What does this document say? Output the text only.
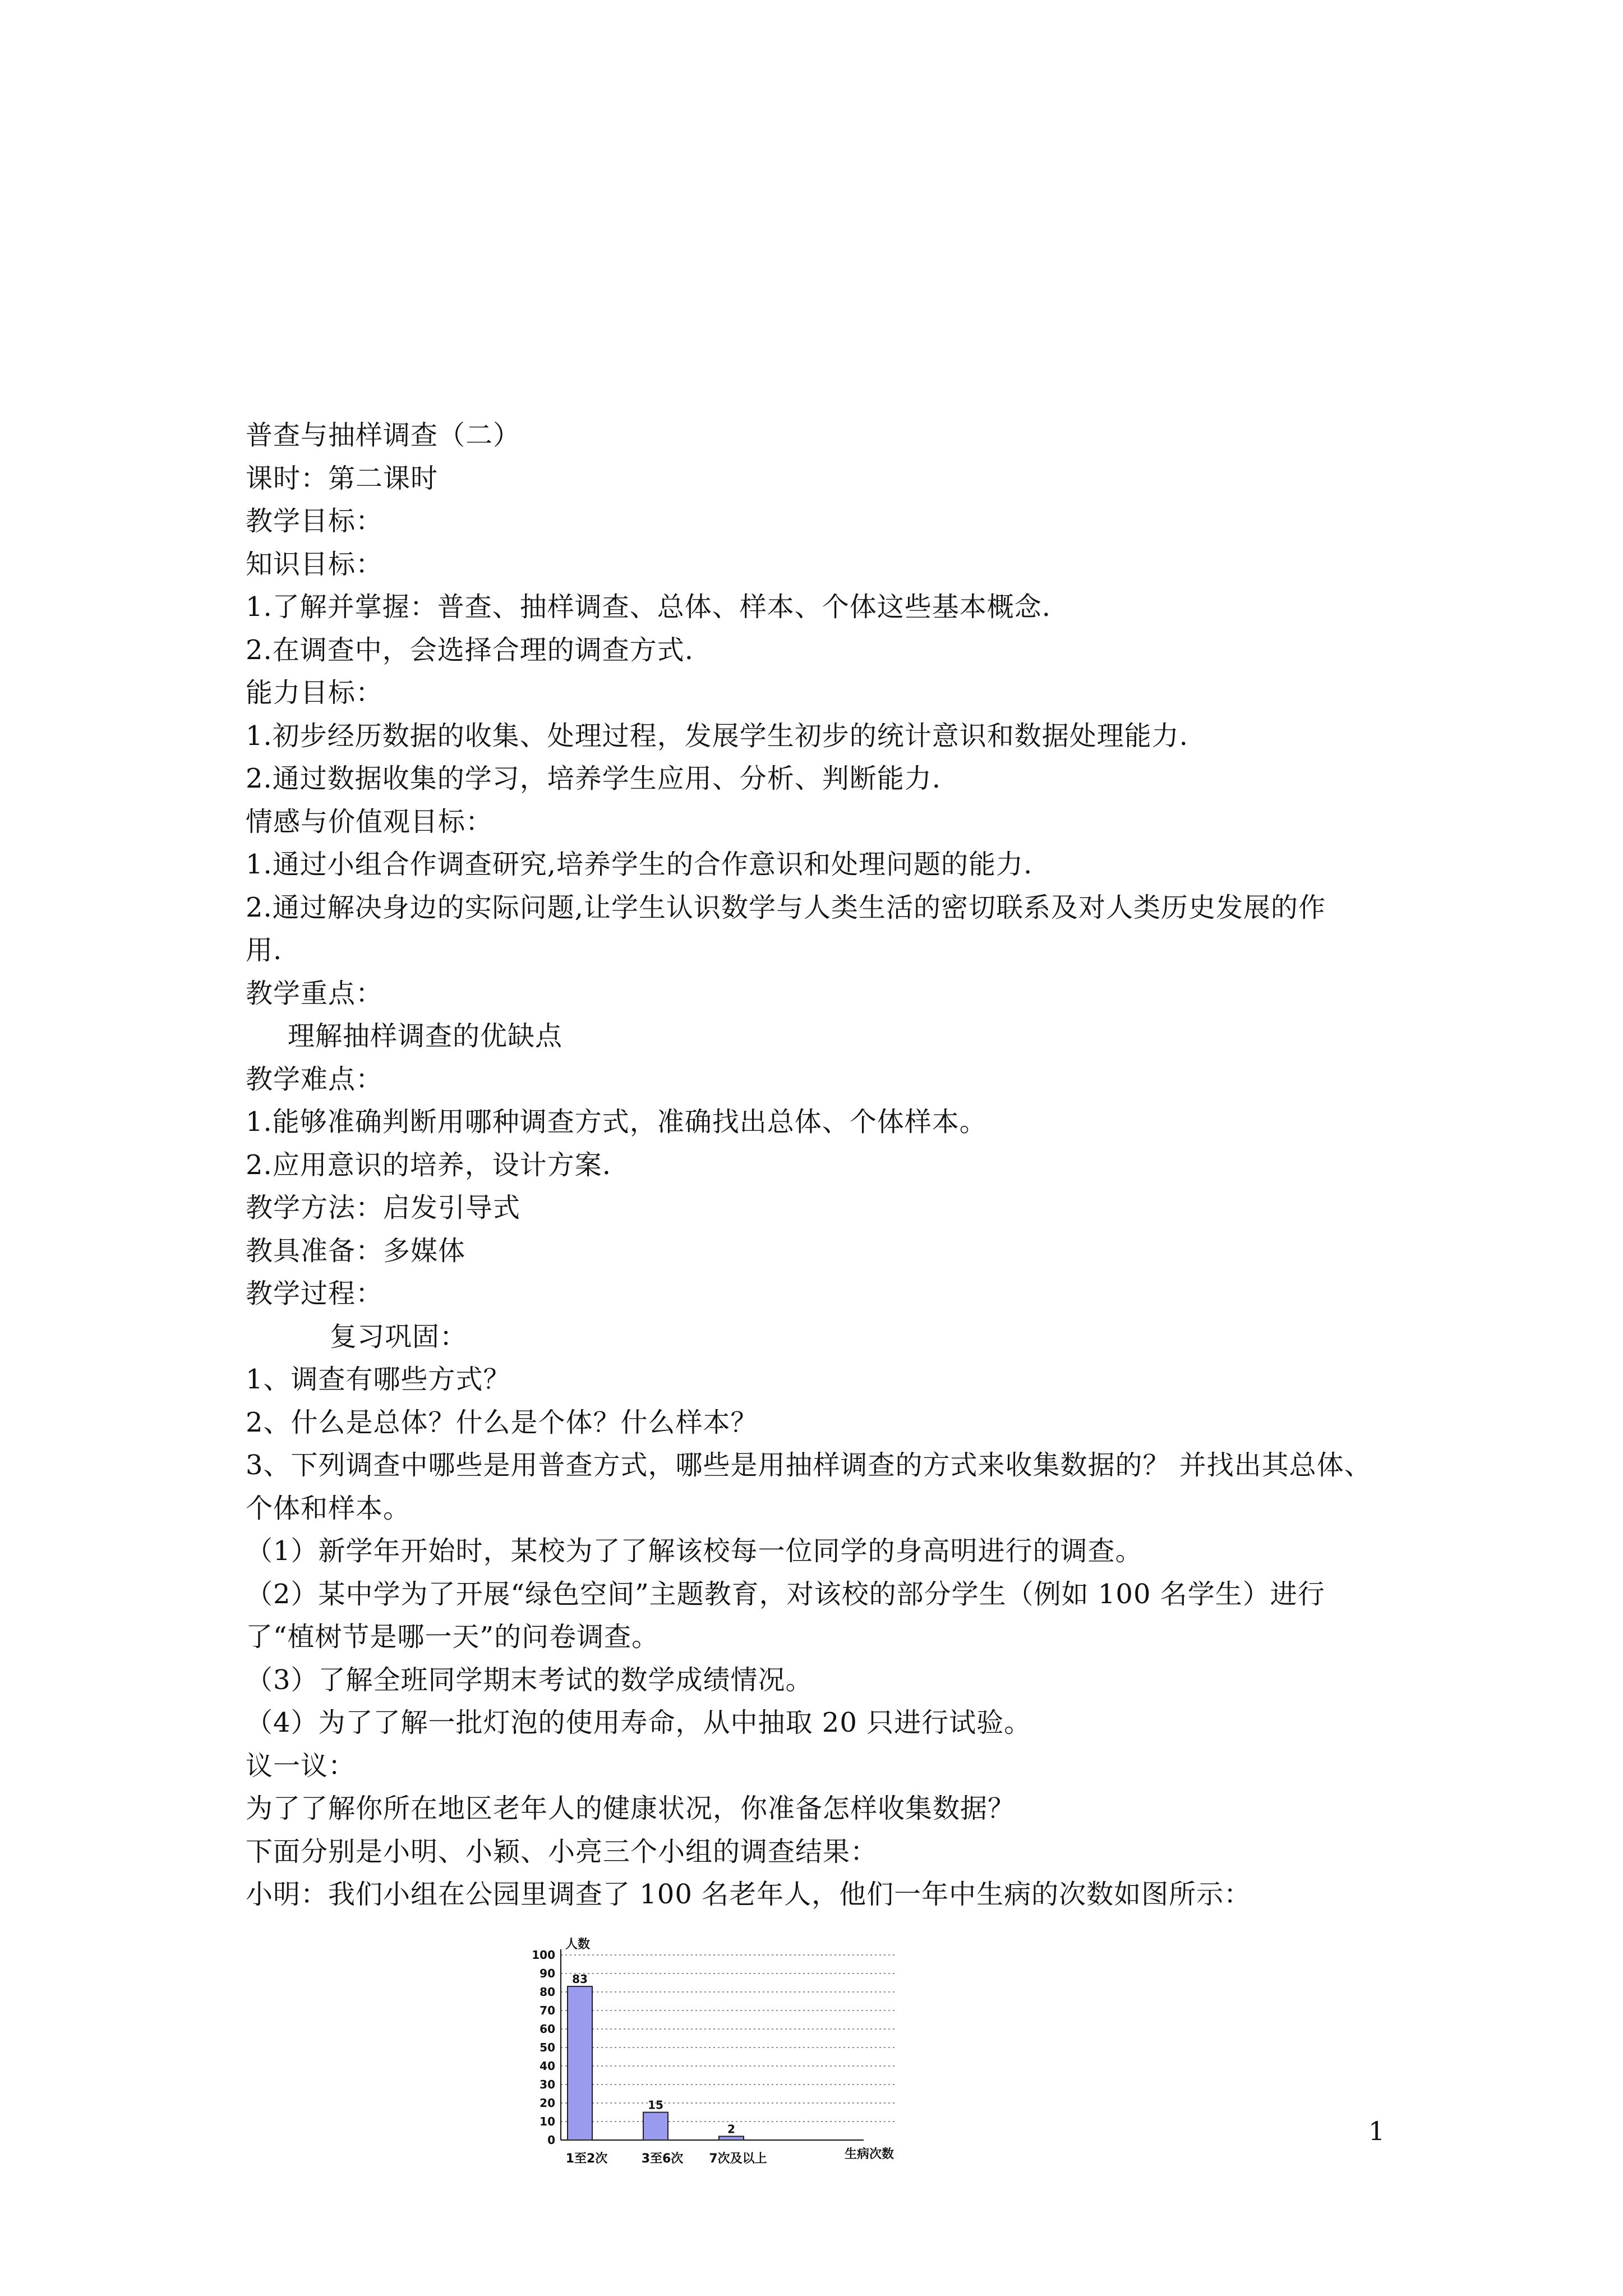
普查与抽样调查（二）
课时：第二课时
教学目标：
知识目标：
1.了解并掌握：普查、抽样调查、总体、样本、个体这些基本概念.
2.在调查中，会选择合理的调查方式.
能力目标：
1.初步经历数据的收集、处理过程，发展学生初步的统计意识和数据处理能力.
2.通过数据收集的学习，培养学生应用、分析、判断能力.
情感与价值观目标：
1.通过小组合作调查研究,培养学生的合作意识和处理问题的能力.
2.通过解决身边的实际问题,让学生认识数学与人类生活的密切联系及对人类历史发展的作
用.
教学重点：
理解抽样调查的优缺点
教学难点：
1.能够准确判断用哪种调查方式，准确找出总体、个体样本。
2.应用意识的培养，设计方案.
教学方法：启发引导式
教具准备：多媒体
教学过程：
复习巩固：
1、调查有哪些方式？
2、什么是总体？什么是个体？什么样本？
3、下列调查中哪些是用普查方式，哪些是用抽样调查的方式来收集数据的？ 并找出其总体、
个体和样本。
（1）新学年开始时，某校为了了解该校每一位同学的身高明进行的调查。
（2）某中学为了开展“绿色空间”主题教育，对该校的部分学生（例如 100 名学生）进行
了“植树节是哪一天”的问卷调查。
（3）了解全班同学期末考试的数学成绩情况。
（4）为了了解一批灯泡的使用寿命，从中抽取 20 只进行试验。
议一议：
为了了解你所在地区老年人的健康状况，你准备怎样收集数据？
下面分别是小明、小颖、小亮三个小组的调查结果：
小明：我们小组在公园里调查了 100 名老年人，他们一年中生病的次数如图所示：
0
10
20
30
40
50
60
70
80
90
100
人数
83
1至2次
15
3至6次
2
7次及以上	生病次数
1
